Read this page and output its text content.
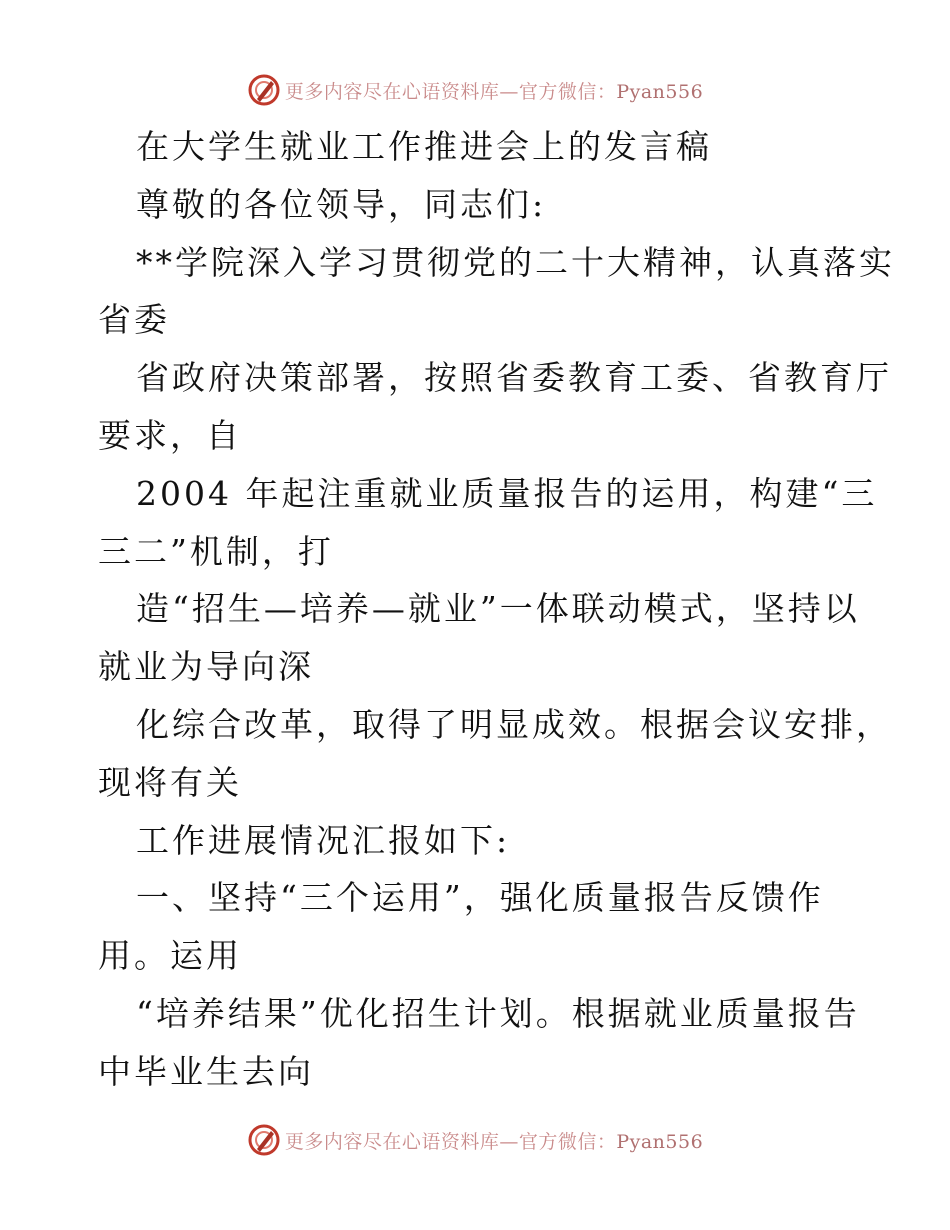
更多内容尽在心语资料库—官方微信：Pyan556
在大学生就业工作推进会上的发言稿
尊敬的各位领导，同志们:
**学院深入学习贯彻党的二十大精神，认真落实
省委
省政府决策部署，按照省委教育工委、省教育厅
要求，自
2004 年起注重就业质量报告的运用，构建“三
三二”机制，打
造“招生—培养—就业”一体联动模式，坚持以
就业为导向深
化综合改革，取得了明显成效。根据会议安排，
现将有关
工作进展情况汇报如下:
一、坚持“三个运用”，强化质量报告反馈作
用。运用
“培养结果”优化招生计划。根据就业质量报告
中毕业生去向
更多内容尽在心语资料库—官方微信：Pyan556
